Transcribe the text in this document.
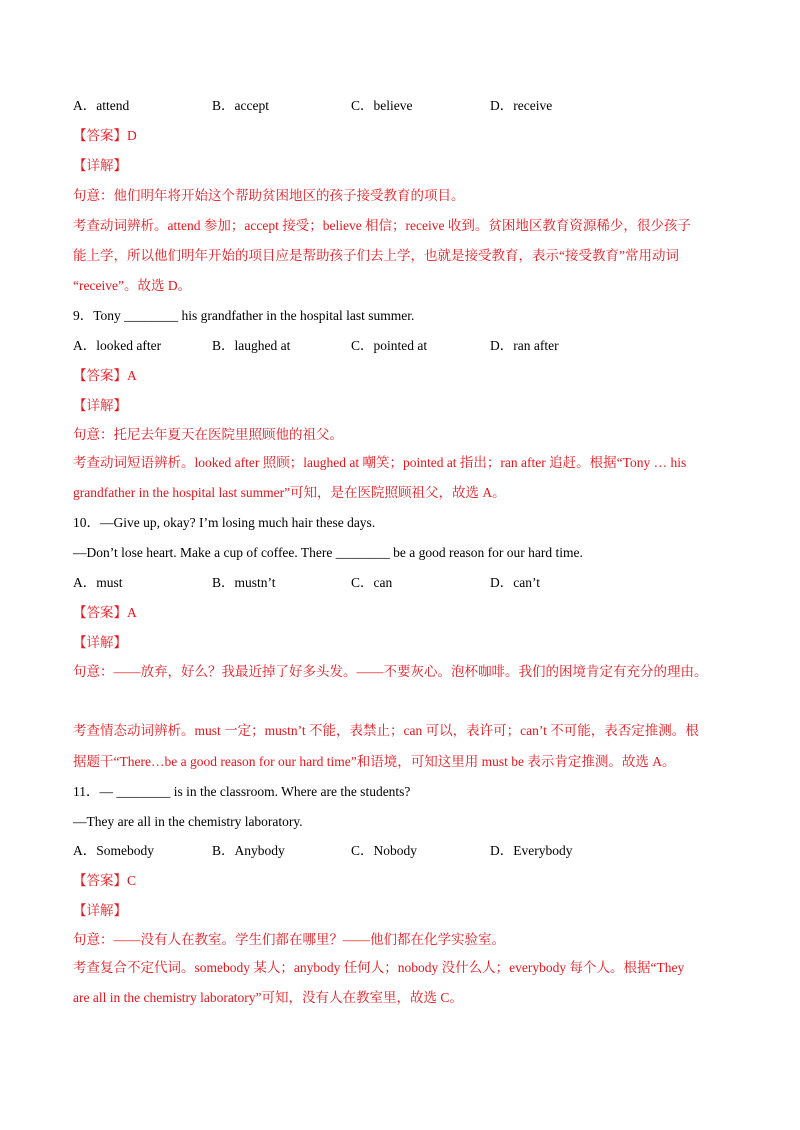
A．attend	B．accept	C．believe	D．receive
【答案】D
【详解】
句意：他们明年将开始这个帮助贫困地区的孩子接受教育的项目。
考查动词辨析。attend 参加；accept 接受；believe 相信；receive 收到。贫困地区教育资源稀少，很少孩子
能上学，所以他们明年开始的项目应是帮助孩子们去上学，也就是接受教育，表示“接受教育”常用动词
“receive”。故选 D。
9．Tony ________ his grandfather in the hospital last summer.
A．looked after	B．laughed at	C．pointed at	D．ran after
【答案】A
【详解】
句意：托尼去年夏天在医院里照顾他的祖父。
考查动词短语辨析。looked after 照顾；laughed at 嘲笑；pointed at 指出；ran after 追赶。根据“Tony … his
grandfather in the hospital last summer”可知，是在医院照顾祖父，故选 A。
10．—Give up, okay? I’m losing much hair these days.
—Don’t lose heart. Make a cup of coffee. There ________ be a good reason for our hard time.
A．must	B．mustn’t	C．can	D．can’t
【答案】A
【详解】
句意：——放弃，好么？我最近掉了好多头发。——不要灰心。泡杯咖啡。我们的困境肯定有充分的理由。
考查情态动词辨析。must 一定；mustn’t 不能，表禁止；can 可以，表许可；can’t 不可能，表否定推测。根
据题干“There…be a good reason for our hard time”和语境，可知这里用 must be 表示肯定推测。故选 A。
11．— ________ is in the classroom. Where are the students?
—They are all in the chemistry laboratory.
A．Somebody	B．Anybody	C．Nobody	D．Everybody
【答案】C
【详解】
句意：——没有人在教室。学生们都在哪里？——他们都在化学实验室。
考查复合不定代词。somebody 某人；anybody 任何人；nobody 没什么人；everybody 每个人。根据“They
are all in the chemistry laboratory”可知，没有人在教室里，故选 C。
